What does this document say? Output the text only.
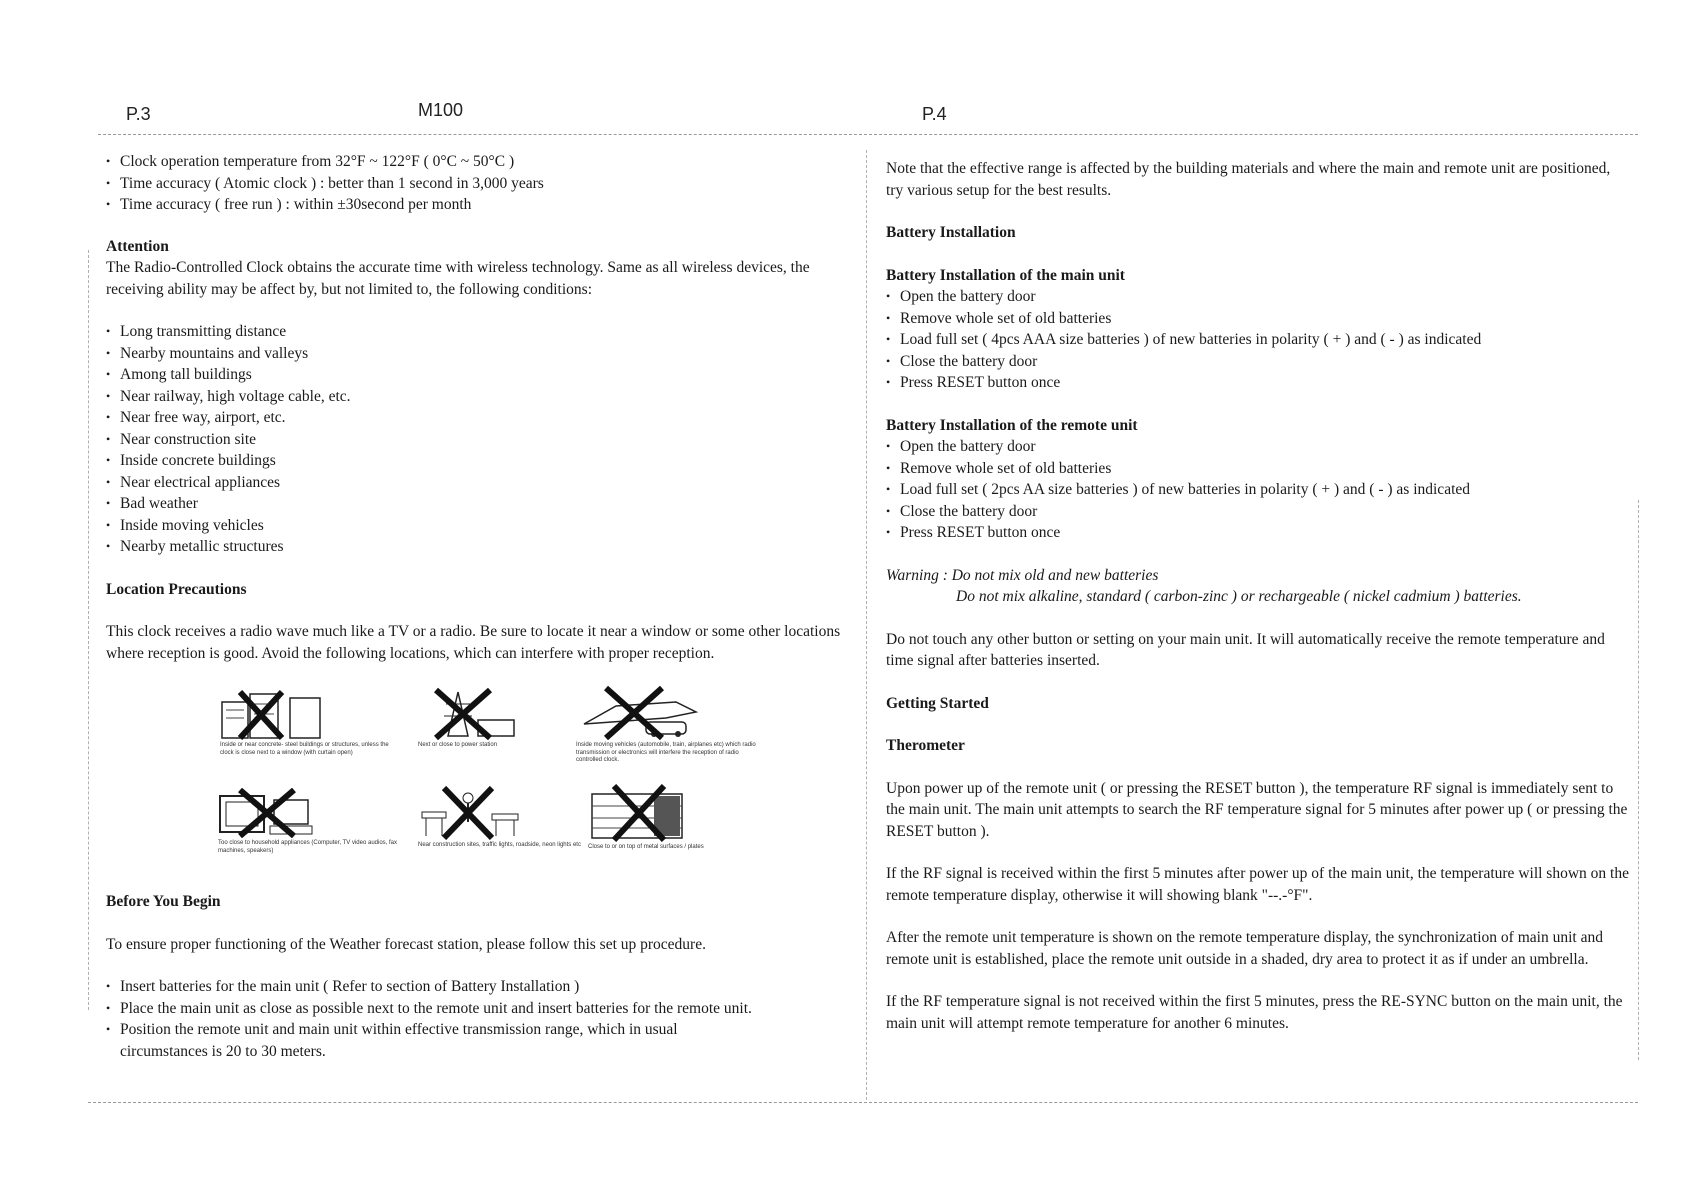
P.3	M100	P.4
• Clock operation temperature from 32°F ~ 122°F ( 0°C ~ 50°C )
• Time accuracy ( Atomic clock ) : better than 1 second in 3,000 years
• Time accuracy ( free run ) : within ±30second per month

Attention

The Radio-Controlled Clock obtains the accurate time with wireless technology. Same as all wireless devices, the receiving ability may be affect by, but not limited to, the following conditions:

• Long transmitting distance
• Nearby mountains and valleys
• Among tall buildings
• Near railway, high voltage cable, etc.
• Near free way, airport, etc.
• Near construction site
• Inside concrete buildings
• Near electrical appliances
• Bad weather
• Inside moving vehicles
• Nearby metallic structures

Location Precautions

This clock receives a radio wave much like a TV or a radio. Be sure to locate it near a window or some other locations where reception is good. Avoid the following locations, which can interfere with proper reception.

Inside or near concrete- steel buildings or structures, unless the clock is close next to a window (with curtain open)
Next or close to power station	Inside moving vehicles (automobile, train, airplanes etc) which radio transmission or electronics will interfere the reception of radio controlled clock.
Too close to household appliances (Computer, TV video audios, fax machines, speakers)
Near construction sites, traffic lights, roadside, neon lights etc	Close to or on top of metal surfaces / plates

Before You Begin

To ensure proper functioning of the Weather forecast station, please follow this set up procedure.

• Insert batteries for the main unit ( Refer to section of Battery Installation )
• Place the main unit as close as possible next to the remote unit and insert batteries for the remote unit.
• Position the remote unit and main unit within effective transmission range, which in usual circumstances is 20 to 30 meters.

Note that the effective range is affected by the building materials and where the main and remote unit are positioned, try various setup for the best results.

Battery Installation

Battery Installation of the main unit

• Open the battery door
• Remove whole set of old batteries
• Load full set ( 4pcs AAA size batteries ) of new batteries in polarity ( + ) and ( - ) as indicated
• Close the battery door
• Press RESET button once

Battery Installation of the remote unit

• Open the battery door
• Remove whole set of old batteries
• Load full set ( 2pcs AA size batteries ) of new batteries in polarity ( + ) and ( - ) as indicated
• Close the battery door
• Press RESET button once

Warning : Do not mix old and new batteries

Do not mix alkaline, standard ( carbon-zinc ) or rechargeable ( nickel cadmium ) batteries.

Do not touch any other button or setting on your main unit. It will automatically receive the remote temperature and time signal after batteries inserted.

Getting Started

Therometer

Upon power up of the remote unit ( or pressing the RESET button ), the temperature RF signal is immediately sent to the main unit. The main unit attempts to search the RF temperature signal for 5 minutes after power up ( or pressing the RESET button ).

If the RF signal is received within the first 5 minutes after power up of the main unit, the temperature will shown on the remote temperature display, otherwise it will showing blank "--.-°F".

After the remote unit temperature is shown on the remote temperature display, the synchronization of main unit and remote unit is established, place the remote unit outside in a shaded, dry area to protect it as if under an umbrella.

If the RF temperature signal is not received within the first 5 minutes, press the RE-SYNC button on the main unit, the main unit will attempt remote temperature for another 6 minutes.
